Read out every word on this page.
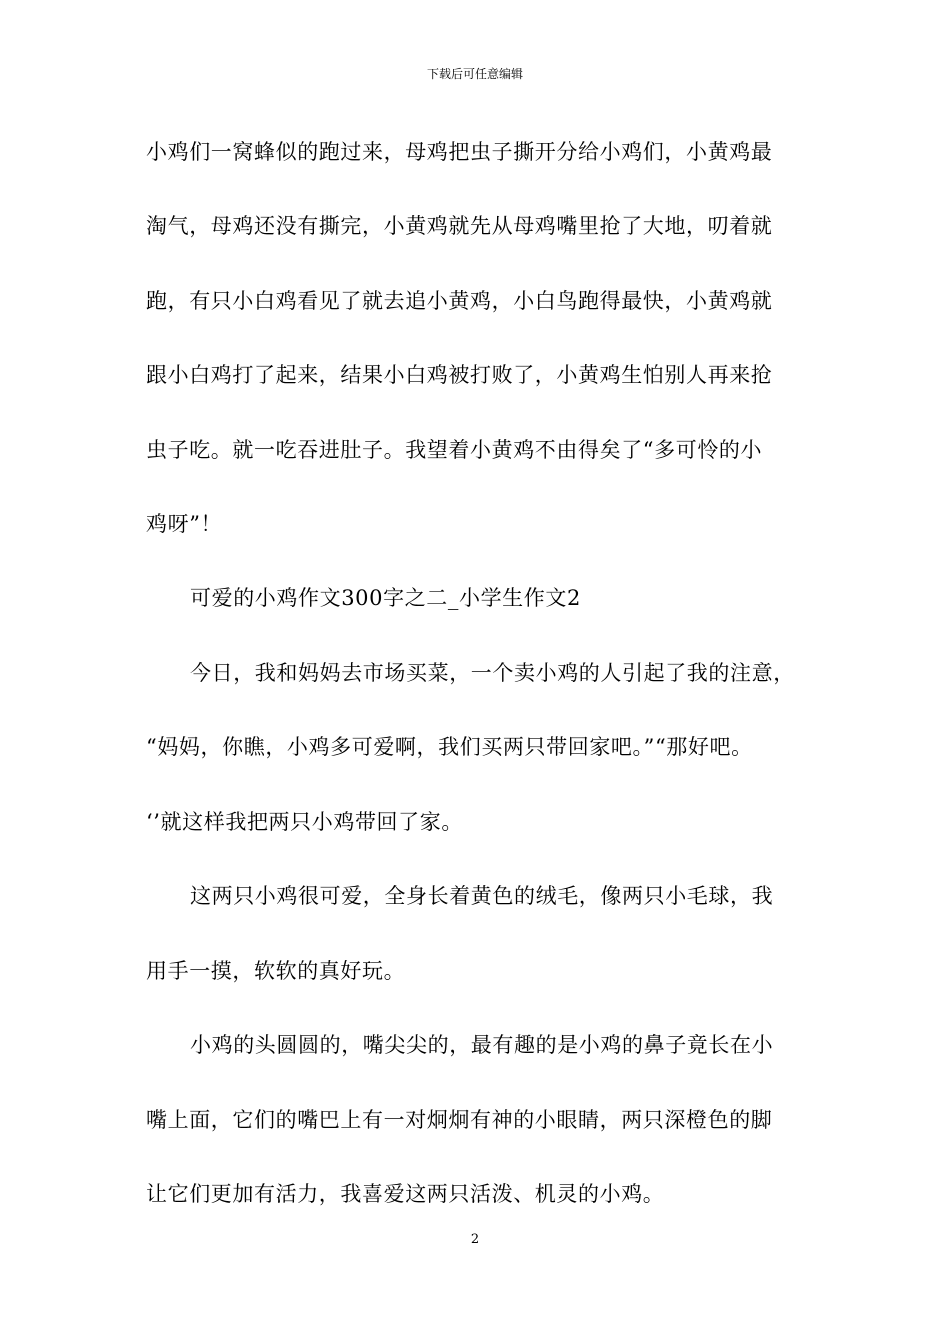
下载后可任意编辑
小鸡们一窝蜂似的跑过来，母鸡把虫子撕开分给小鸡们，小黄鸡最
淘气，母鸡还没有撕完，小黄鸡就先从母鸡嘴里抢了大地，叨着就
跑，有只小白鸡看见了就去追小黄鸡，小白鸟跑得最快，小黄鸡就
跟小白鸡打了起来，结果小白鸡被打败了，小黄鸡生怕别人再来抢
虫子吃。就一吃吞进肚子。我望着小黄鸡不由得矣了“多可怜的小
鸡呀”！
可爱的小鸡作文300字之二_小学生作文2
今日，我和妈妈去市场买菜，一个卖小鸡的人引起了我的注意，
“妈妈，你瞧，小鸡多可爱啊，我们买两只带回家吧。”“那好吧。
‘’就这样我把两只小鸡带回了家。
这两只小鸡很可爱，全身长着黄色的绒毛，像两只小毛球，我
用手一摸，软软的真好玩。
小鸡的头圆圆的，嘴尖尖的，最有趣的是小鸡的鼻子竟长在小
嘴上面，它们的嘴巴上有一对炯炯有神的小眼睛，两只深橙色的脚
让它们更加有活力，我喜爱这两只活泼、机灵的小鸡。
2
